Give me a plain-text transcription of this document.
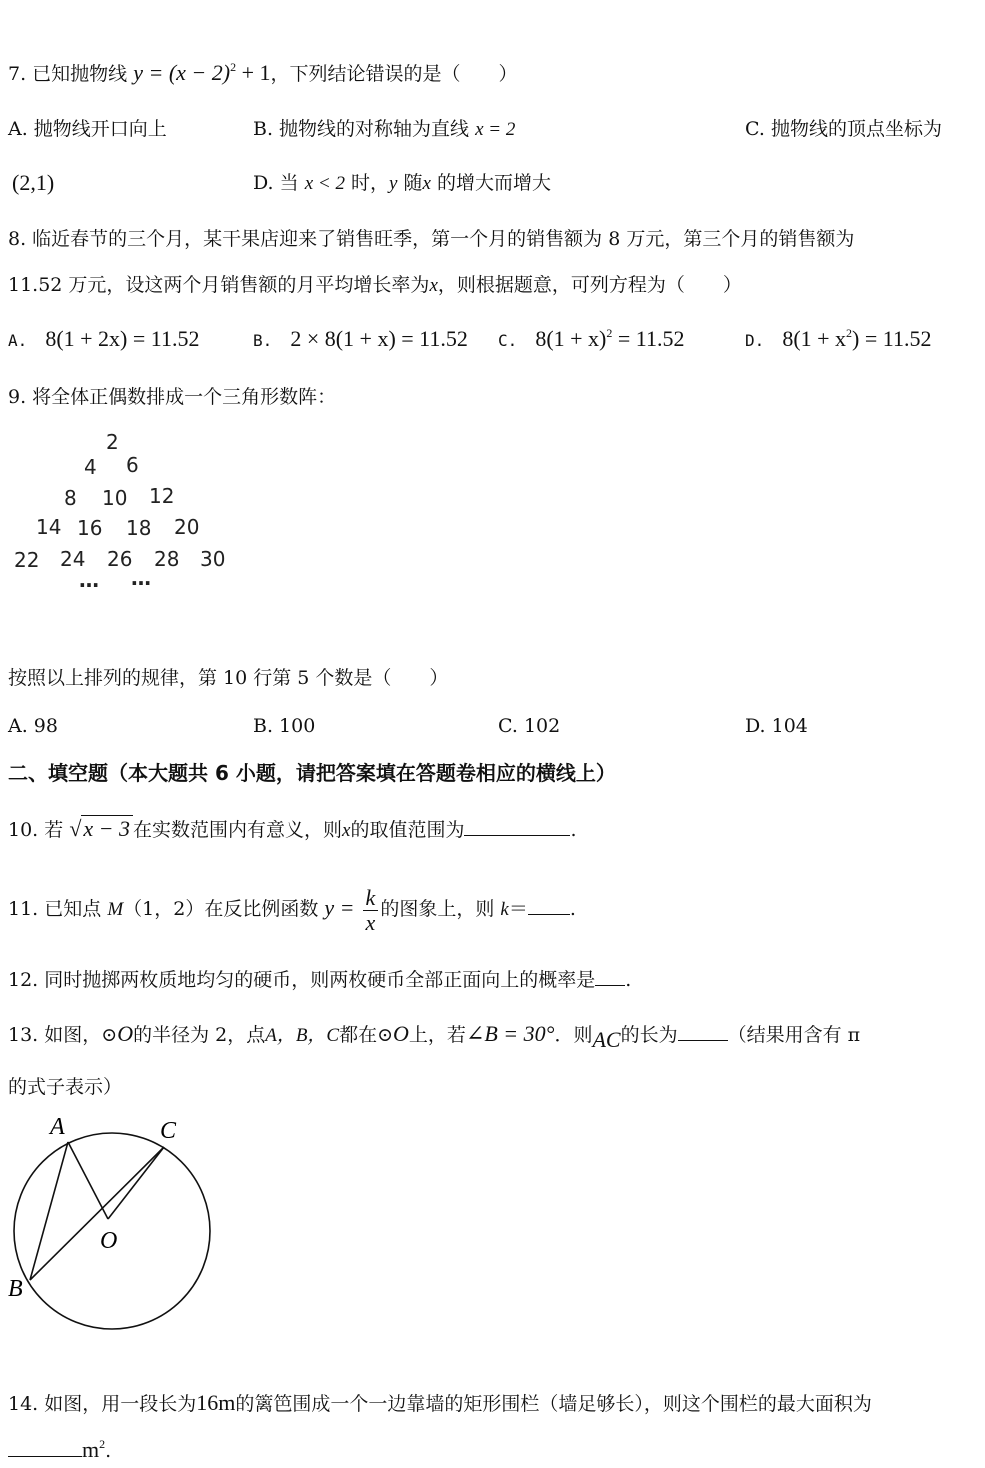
7. 已知抛物线 $y = (x - 2)^2 + 1$，下列结论错误的是（　　）
A. 抛物线开口向上	B. 抛物线的对称轴为直线 x = 2	C. 抛物线的顶点坐标为
(2,1)	D. 当 x < 2 时，y 随x 的增大而增大
8. 临近春节的三个月，某干果店迎来了销售旺季，第一个月的销售额为 8 万元，第三个月的销售额为
11.52 万元，设这两个月销售额的月平均增长率为x，则根据题意，可列方程为（　　）
A. 8(1 + 2x) = 11.52	B. 2 × 8(1 + x) = 11.52 C. $8(1 + x)^2 = 11.52$	D. $8(1 + x^2) = 11.52$
9. 将全体正偶数排成一个三角形数阵：
2
4 6
8 10 12
14 16 18 20
22 24 26 28 30
… …
按照以上排列的规律，第 10 行第 5 个数是（　　）
A. 98	B. 100	C. 102	D. 104
二、填空题（本大题共 6 小题，请把答案填在答题卷相应的横线上）
10. 若 √x − 3 在实数范围内有意义，则x的取值范围为	.
11. 已知点 M（1，2）在反比例函数 $y = \frac{k}{x}$ 的图象上，则 k＝ .
12. 同时抛掷两枚质地均匀的硬币，则两枚硬币全部正面向上的概率是 .
13. 如图，⊙O的半径为 2，点A，B，C都在⊙O上，若∠B = 30°．则AC的长为	（结果用含有 π
的式子表示）
A	C
O
B
14. 如图，用一段长为16m的篱笆围成一个一边靠墙的矩形围栏（墙足够长），则这个围栏的最大面积为
$m^2$.
